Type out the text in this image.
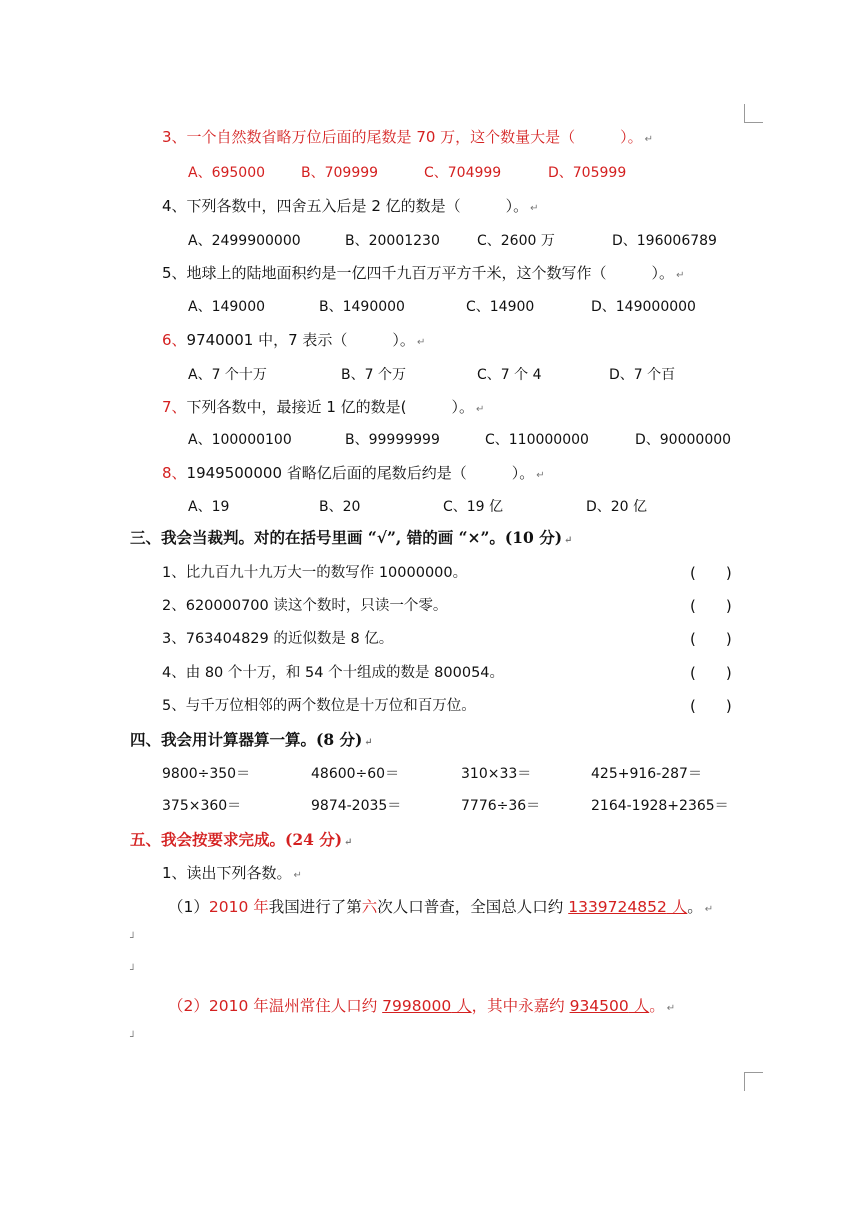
3、一个自然数省略万位后面的尾数是 70 万，这个数量大是（　　　）。 ↵
A、695000	B、709999	C、704999	D、705999
4、下列各数中，四舍五入后是 2 亿的数是（　　　）。 ↵
A、2499900000	B、20001230	C、2600 万	D、196006789
5、地球上的陆地面积约是一亿四千九百万平方千米，这个数写作（　　　）。 ↵
A、149000	B、1490000	C、14900	D、149000000
6、9740001 中，7 表示（　　　）。 ↵
A、7 个十万	B、7 个万	C、7 个 4	D、7 个百
7、下列各数中，最接近 1 亿的数是(　　　）。 ↵
A、100000100	B、99999999	C、110000000	D、90000000
8、1949500000 省略亿后面的尾数后约是（　　　）。 ↵
A、19	B、20	C、19 亿	D、20 亿
三、我会当裁判。对的在括号里画 “√”, 错的画 “×”。(10 分) ↵
1、比九百九十九万大一的数写作 10000000。	(　　)
2、620000700 读这个数时，只读一个零。	(　　)
3、763404829 的近似数是 8 亿。	(　　)
4、由 80 个十万，和 54 个十组成的数是 800054。	(　　)
5、与千万位相邻的两个数位是十万位和百万位。	(　　)
四、我会用计算器算一算。(8 分) ↵
9800÷350＝	48600÷60＝	310×33＝	425+916-287＝
375×360＝	9874-2035＝	7776÷36＝	2164-1928+2365＝
五、我会按要求完成。(24 分) ↵
1、读出下列各数。 ↵
（1）2010 年我国进行了第六次人口普查，全国总人口约 1339724852 人。 ↵
┘
┘
（2）2010 年温州常住人口约 7998000 人，其中永嘉约 934500 人。 ↵
┘
